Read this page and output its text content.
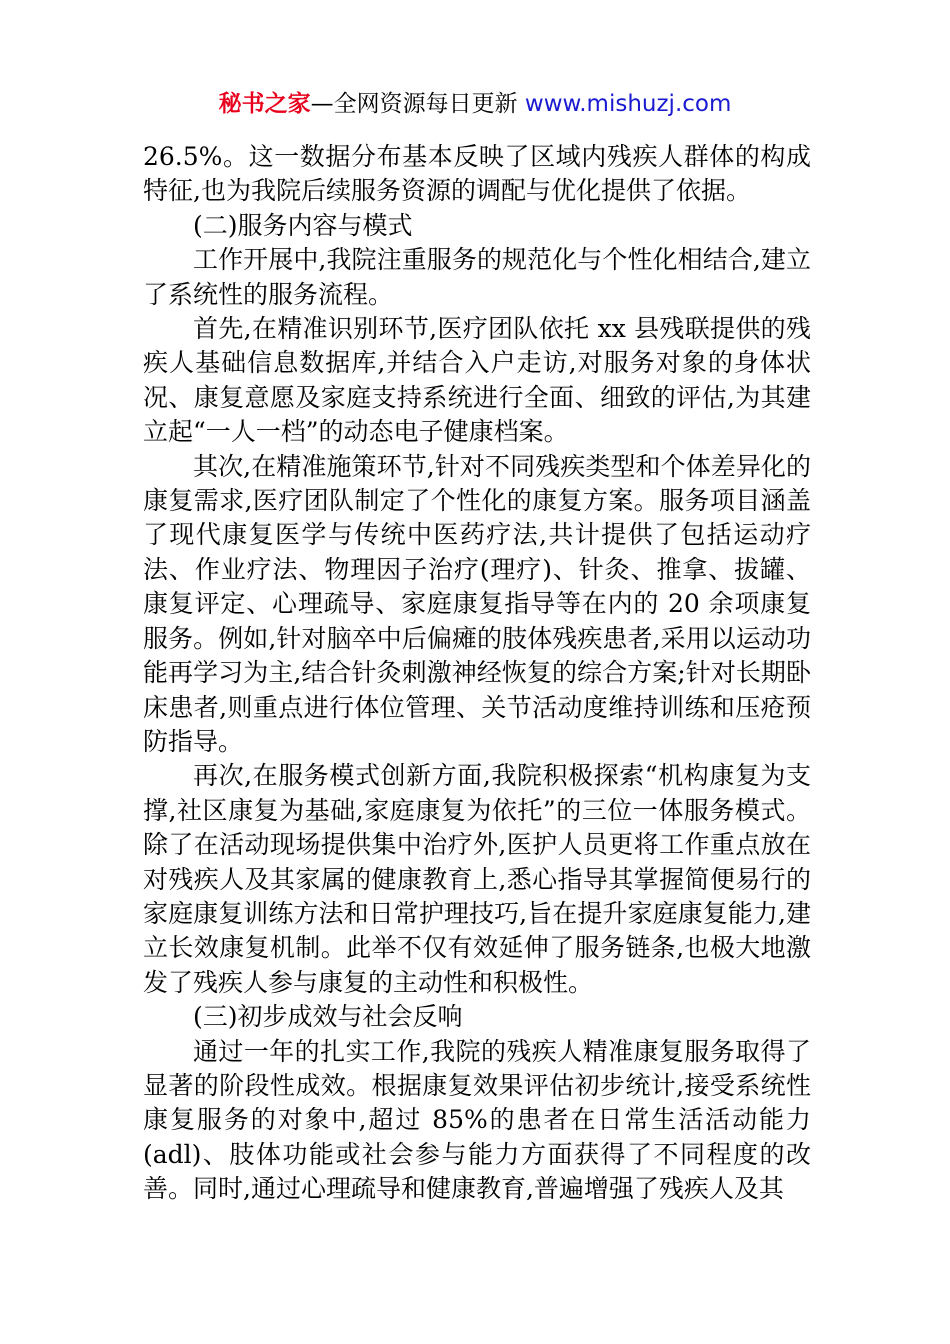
秘书之家—全网资源每日更新 www.mishuzj.com

26.5%。这一数据分布基本反映了区域内残疾人群体的构成特征,也为我院后续服务资源的调配与优化提供了依据。

(二)服务内容与模式

工作开展中,我院注重服务的规范化与个性化相结合,建立了系统性的服务流程。

首先,在精准识别环节,医疗团队依托 xx 县残联提供的残疾人基础信息数据库,并结合入户走访,对服务对象的身体状况、康复意愿及家庭支持系统进行全面、细致的评估,为其建立起“一人一档”的动态电子健康档案。

其次,在精准施策环节,针对不同残疾类型和个体差异化的康复需求,医疗团队制定了个性化的康复方案。服务项目涵盖了现代康复医学与传统中医药疗法,共计提供了包括运动疗法、作业疗法、物理因子治疗(理疗)、针灸、推拿、拔罐、康复评定、心理疏导、家庭康复指导等在内的 20 余项康复服务。例如,针对脑卒中后偏瘫的肢体残疾患者,采用以运动功能再学习为主,结合针灸刺激神经恢复的综合方案;针对长期卧床患者,则重点进行体位管理、关节活动度维持训练和压疮预防指导。

再次,在服务模式创新方面,我院积极探索“机构康复为支撑,社区康复为基础,家庭康复为依托”的三位一体服务模式。除了在活动现场提供集中治疗外,医护人员更将工作重点放在对残疾人及其家属的健康教育上,悉心指导其掌握简便易行的家庭康复训练方法和日常护理技巧,旨在提升家庭康复能力,建立长效康复机制。此举不仅有效延伸了服务链条,也极大地激发了残疾人参与康复的主动性和积极性。

(三)初步成效与社会反响

通过一年的扎实工作,我院的残疾人精准康复服务取得了显著的阶段性成效。根据康复效果评估初步统计,接受系统性康复服务的对象中,超过 85%的患者在日常生活活动能力(adl)、肢体功能或社会参与能力方面获得了不同程度的改善。同时,通过心理疏导和健康教育,普遍增强了残疾人及其
